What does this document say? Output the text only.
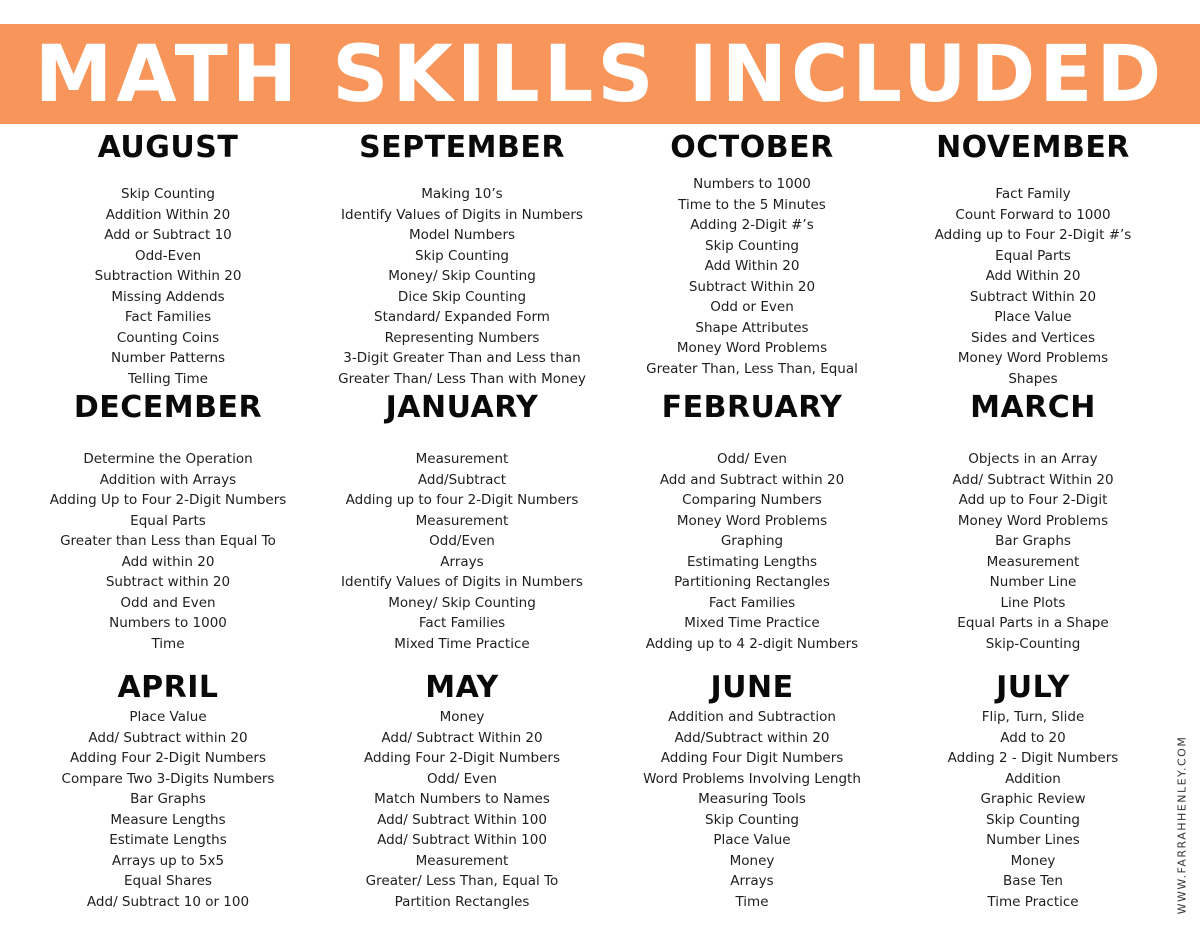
MATH SKILLS INCLUDED
AUGUST
Skip Counting
Addition Within 20
Add or Subtract 10
Odd-Even
Subtraction Within 20
Missing Addends
Fact Families
Counting Coins
Number Patterns
Telling Time
SEPTEMBER
Making 10’s
Identify Values of Digits in Numbers
Model Numbers
Skip Counting
Money/ Skip Counting
Dice Skip Counting
Standard/ Expanded Form
Representing Numbers
3-Digit Greater Than and Less than
Greater Than/ Less Than with Money
OCTOBER
Numbers to 1000
Time to the 5 Minutes
Adding 2-Digit #’s
Skip Counting
Add Within 20
Subtract Within 20
Odd or Even
Shape Attributes
Money Word Problems
Greater Than, Less Than, Equal
NOVEMBER
Fact Family
Count Forward to 1000
Adding up to Four 2-Digit #’s
Equal Parts
Add Within 20
Subtract Within 20
Place Value
Sides and Vertices
Money Word Problems
Shapes
DECEMBER
Determine the Operation
Addition with Arrays
Adding Up to Four 2-Digit Numbers
Equal Parts
Greater than Less than Equal To
Add within 20
Subtract within 20
Odd and Even
Numbers to 1000
Time
JANUARY
Measurement
Add/Subtract
Adding up to four 2-Digit Numbers
Measurement
Odd/Even
Arrays
Identify Values of Digits in Numbers
Money/ Skip Counting
Fact Families
Mixed Time Practice
FEBRUARY
Odd/ Even
Add and Subtract within 20
Comparing Numbers
Money Word Problems
Graphing
Estimating Lengths
Partitioning Rectangles
Fact Families
Mixed Time Practice
Adding up to 4 2-digit Numbers
MARCH
Objects in an Array
Add/ Subtract Within 20
Add up to Four 2-Digit
Money Word Problems
Bar Graphs
Measurement
Number Line
Line Plots
Equal Parts in a Shape
Skip-Counting
APRIL
Place Value
Add/ Subtract within 20
Adding Four 2-Digit Numbers
Compare Two 3-Digits Numbers
Bar Graphs
Measure Lengths
Estimate Lengths
Arrays up to 5x5
Equal Shares
Add/ Subtract 10 or 100
MAY
Money
Add/ Subtract Within 20
Adding Four 2-Digit Numbers
Odd/ Even
Match Numbers to Names
Add/ Subtract Within 100
Add/ Subtract Within 100
Measurement
Greater/ Less Than, Equal To
Partition Rectangles
JUNE
Addition and Subtraction
Add/Subtract within 20
Adding Four Digit Numbers
Word Problems Involving Length
Measuring Tools
Skip Counting
Place Value
Money
Arrays
Time
JULY
Flip, Turn, Slide
Add to 20
Adding 2 - Digit Numbers
Addition
Graphic Review
Skip Counting
Number Lines
Money
Base Ten
Time Practice	WWW.FARRAHHENLEY.COM
